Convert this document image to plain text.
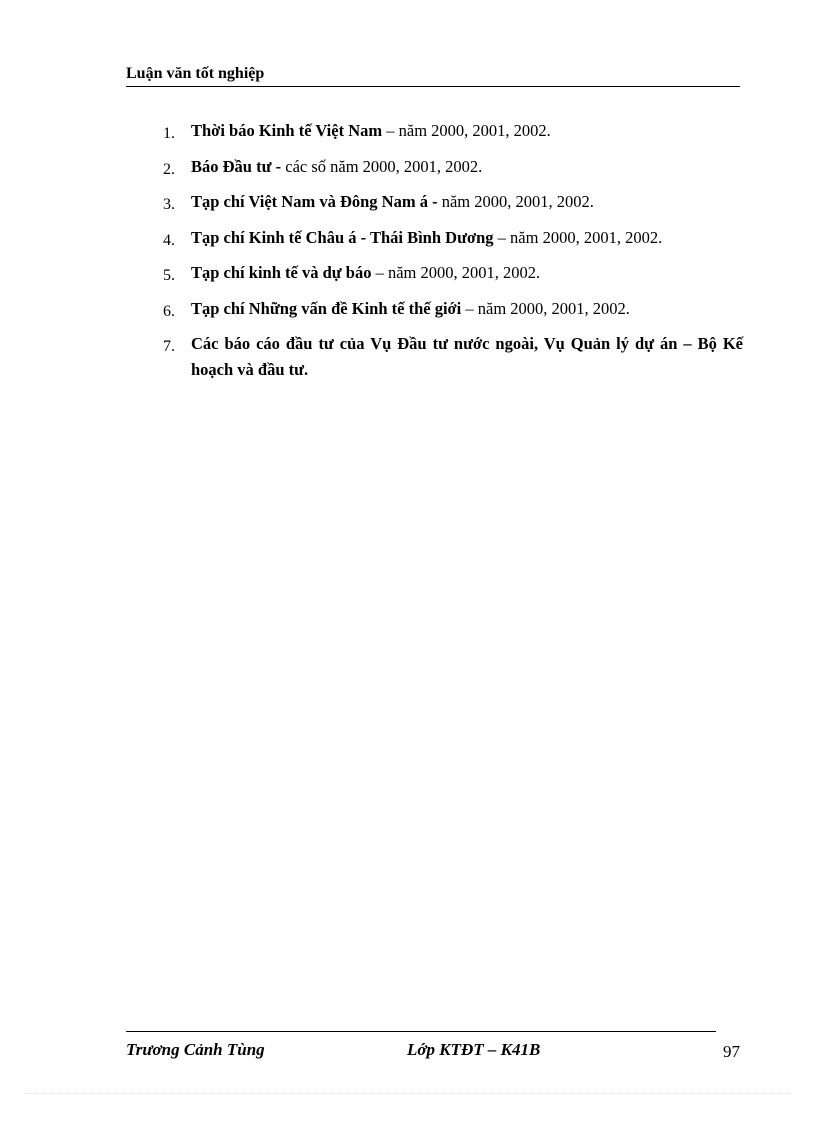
Luận văn tốt nghiệp
1. Thời báo Kinh tế Việt Nam – năm 2000, 2001, 2002.
2. Báo Đầu tư - các số năm 2000, 2001, 2002.
3. Tạp chí Việt Nam và Đông Nam á - năm 2000, 2001, 2002.
4. Tạp chí Kinh tế Châu á - Thái Bình Dương – năm 2000, 2001, 2002.
5. Tạp chí kinh tế và dự báo – năm 2000, 2001, 2002.
6. Tạp chí Những vấn đề Kinh tế thế giới – năm 2000, 2001, 2002.
7. Các báo cáo đầu tư của Vụ Đầu tư nước ngoài, Vụ Quản lý dự án – Bộ Kế hoạch và đầu tư.
Trương Cảnh Tùng	Lớp KTĐT – K41B	97
